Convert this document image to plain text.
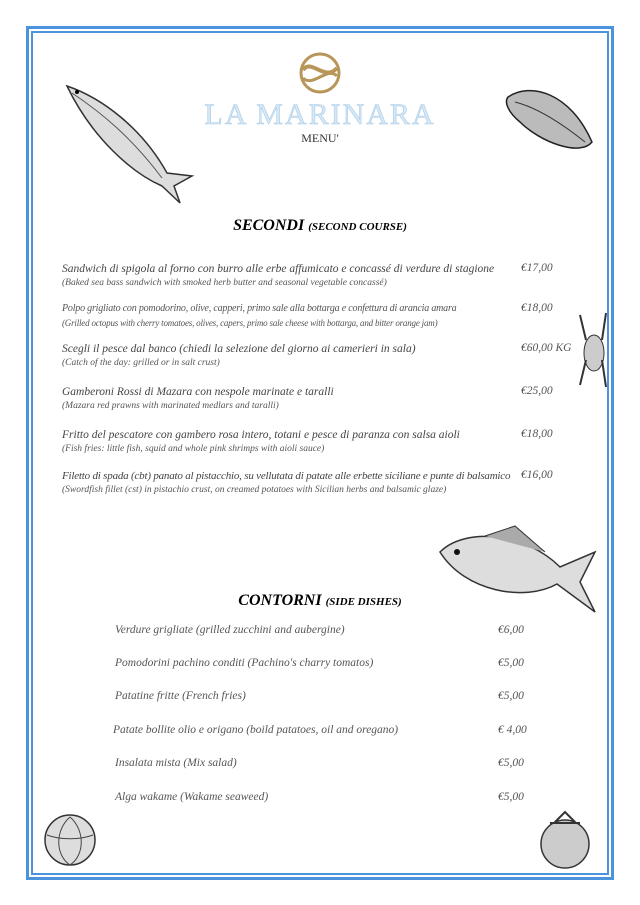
LA MARINARA
MENU'
SECONDI (SECOND COURSE)
Sandwich di spigola al forno con burro alle erbe affumicato e concassé di verdure di stagione
(Baked sea bass sandwich with smoked herb butter and seasonal vegetable concassé)
€17,00
Polpo grigliato con pomodorino, olive, capperi, primo sale alla bottarga e confettura di arancia amara
(Grilled octopus with cherry tomatoes, olives, capers, primo sale cheese with bottarga, and bitter orange jam)
€18,00
Scegli il pesce dal banco (chiedi la selezione del giorno ai camerieri in sala)
(Catch of the day: grilled or in salt crust)
€60,00 KG
Gamberoni Rossi di Mazara con nespole marinate e taralli
(Mazara red prawns with marinated medlars and taralli)
€25,00
Fritto del pescatore con gambero rosa intero, totani e pesce di paranza con salsa aioli
(Fish fries: little fish, squid and whole pink shrimps with aioli sauce)
€18,00
Filetto di spada (cbt) panato al pistacchio, su vellutata di patate alle erbette siciliane e punte di balsamico
(Swordfish fillet (cst) in pistachio crust, on creamed potatoes with Sicilian herbs and balsamic glaze)
€16,00
CONTORNI (SIDE DISHES)
Verdure grigliate (grilled zucchini and aubergine)	€6,00
Pomodorini pachino conditi (Pachino's charry tomatos)	€5,00
Patatine fritte (French fries)	€5,00
Patate bollite olio e origano (boild patatoes, oil and oregano)	€ 4,00
Insalata mista (Mix salad)	€5,00
Alga wakame (Wakame seaweed)	€5,00
